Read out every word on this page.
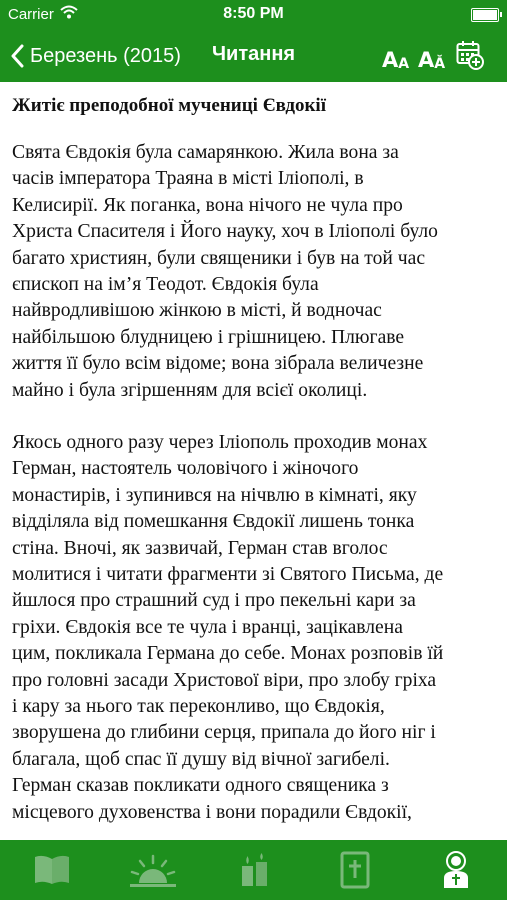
Carrier	8:50 PM
Березень (2015) Читання	A A A Ă
Житіє преподобної мучениці Євдокії
Свята Євдокія була самарянкою. Жила вона за
часів імператора Траяна в місті Іліополі, в
Келисирії. Як поганка, вона нічого не чула про
Христа Спасителя і Його науку, хоч в Іліополі було
багато християн, були священики і був на той час
єпископ на ім’я Теодот. Євдокія була
найвродливішою жінкою в місті, й водночас
найбільшою блудницею і грішницею. Плюгаве
життя її було всім відоме; вона зібрала величезне
майно і була згіршенням для всієї околиці.
Якось одного разу через Іліополь проходив монах
Герман, настоятель чоловічого і жіночого
монастирів, і зупинився на нічвлю в кімнаті, яку
відділяла від помешкання Євдокії лишень тонка
стіна. Вночі, як зазвичай, Герман став вголос
молитися і читати фрагменти зі Святого Письма, де
йшлося про страшний суд і про пекельні кари за
гріхи. Євдокія все те чула і вранці, зацікавлена
цим, покликала Германа до себе. Монах розповів їй
про головні засади Христової віри, про злобу гріха
і кару за нього так переконливо, що Євдокія,
зворушена до глибини серця, припала до його ніг і
благала, щоб спас її душу від вічної загибелі.
Герман сказав покликати одного священика з
місцевого духовенства і вони порадили Євдокії,
